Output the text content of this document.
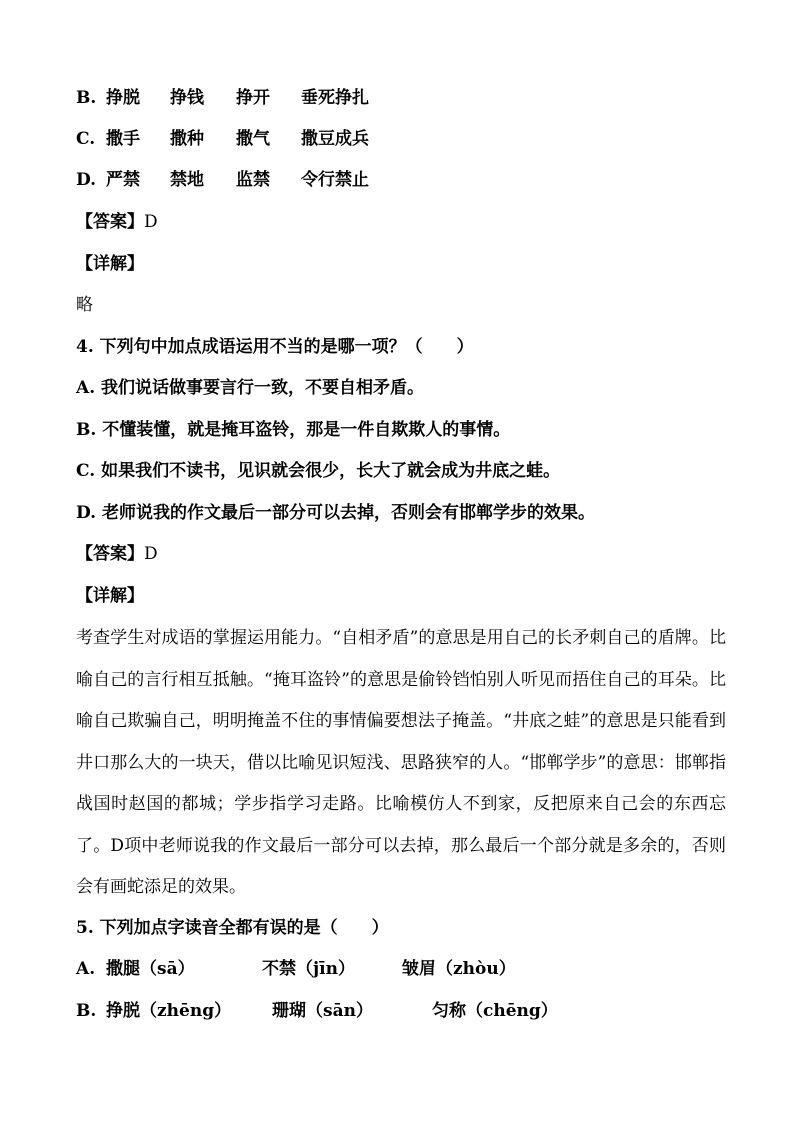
B. 挣脱 挣钱 挣开 垂死挣扎
C. 撒手 撒种 撒气 撒豆成兵
D. 严禁 禁地 监禁 令行禁止
【答案】D
【详解】
略
4. 下列句中加点成语运用不当的是哪一项？（　　）
A. 我们说话做事要言行一致，不要自相矛盾。
B. 不懂装懂，就是掩耳盗铃，那是一件自欺欺人的事情。
C. 如果我们不读书，见识就会很少，长大了就会成为井底之蛙。
D. 老师说我的作文最后一部分可以去掉，否则会有邯郸学步的效果。
【答案】D
【详解】
考查学生对成语的掌握运用能力。“自相矛盾”的意思是用自己的长矛刺自己的盾牌。比喻自己的言行相互抵触。“掩耳盗铃”的意思是偷铃铛怕别人听见而捂住自己的耳朵。比喻自己欺骗自己，明明掩盖不住的事情偏要想法子掩盖。“井底之蛙”的意思是只能看到井口那么大的一块天，借以比喻见识短浅、思路狭窄的人。“邯郸学步”的意思：邯郸指战国时赵国的都城；学步指学习走路。比喻模仿人不到家，反把原来自己会的东西忘了。D项中老师说我的作文最后一部分可以去掉，那么最后一个部分就是多余的，否则会有画蛇添足的效果。
5. 下列加点字读音全都有误的是（　　）
A. 撒腿（sā）	不禁（jīn）	皱眉（zhòu）
B. 挣脱（zhēng） 珊瑚（sān）	匀称（chēng）
